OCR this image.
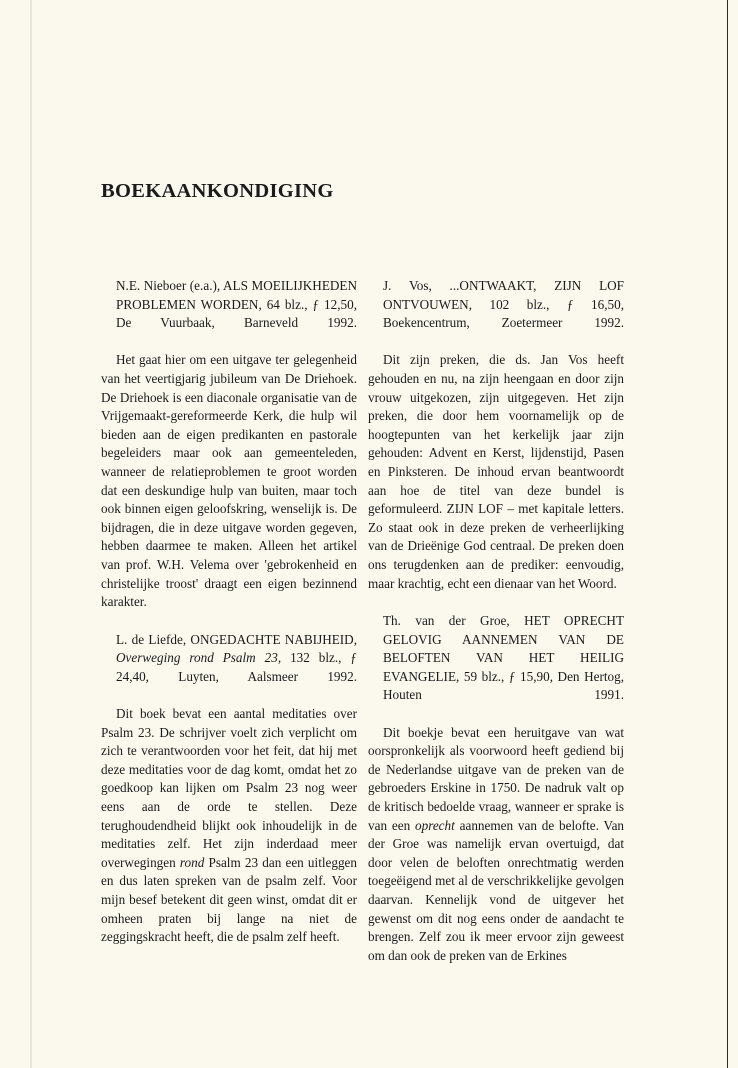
BOEKAANKONDIGING
N.E. Nieboer (e.a.), ALS MOEILIJKHEDEN PROBLEMEN WORDEN, 64 blz., ƒ 12,50, De Vuurbaak, Barneveld 1992.

Het gaat hier om een uitgave ter gelegenheid van het veertigjarig jubileum van De Driehoek. De Driehoek is een diaconale organisatie van de Vrijgemaakt-gereformeerde Kerk, die hulp wil bieden aan de eigen predikanten en pastorale begeleiders maar ook aan gemeenteleden, wanneer de relatieproblemen te groot worden dat een deskundige hulp van buiten, maar toch ook binnen eigen geloofskring, wenselijk is. De bijdragen, die in deze uitgave worden gegeven, hebben daarmee te maken. Alleen het artikel van prof. W.H. Velema over 'gebrokenheid en christelijke troost' draagt een eigen bezinnend karakter.

L. de Liefde, ONGEDACHTE NABIJHEID, Overweging rond Psalm 23, 132 blz., ƒ 24,40, Luyten, Aalsmeer 1992.

Dit boek bevat een aantal meditaties over Psalm 23. De schrijver voelt zich verplicht om zich te verantwoorden voor het feit, dat hij met deze meditaties voor de dag komt, omdat het zo goedkoop kan lijken om Psalm 23 nog weer eens aan de orde te stellen. Deze terughoudendheid blijkt ook inhoudelijk in de meditaties zelf. Het zijn inderdaad meer overwegingen rond Psalm 23 dan een uitleggen en dus laten spreken van de psalm zelf. Voor mijn besef betekent dit geen winst, omdat dit er omheen praten bij lange na niet de zeggingskracht heeft, die de psalm zelf heeft.

J. Vos, ...ONTWAAKT, ZIJN LOF ONTVOUWEN, 102 blz., ƒ 16,50, Boekencentrum, Zoetermeer 1992.

Dit zijn preken, die ds. Jan Vos heeft gehouden en nu, na zijn heengaan en door zijn vrouw uitgekozen, zijn uitgegeven. Het zijn preken, die door hem voornamelijk op de hoogtepunten van het kerkelijk jaar zijn gehouden: Advent en Kerst, lijdenstijd, Pasen en Pinksteren. De inhoud ervan beantwoordt aan hoe de titel van deze bundel is geformuleerd. ZIJN LOF – met kapitale letters. Zo staat ook in deze preken de verheerlijking van de Drieënige God centraal. De preken doen ons terugdenken aan de prediker: eenvoudig, maar krachtig, echt een dienaar van het Woord.

Th. van der Groe, HET OPRECHT GELOVIG AANNEMEN VAN DE BELOFTEN VAN HET HEILIG EVANGELIE, 59 blz., ƒ 15,90, Den Hertog, Houten 1991.

Dit boekje bevat een heruitgave van wat oorspronkelijk als voorwoord heeft gediend bij de Nederlandse uitgave van de preken van de gebroeders Erskine in 1750. De nadruk valt op de kritisch bedoelde vraag, wanneer er sprake is van een oprecht aannemen van de belofte. Van der Groe was namelijk ervan overtuigd, dat door velen de beloften onrechtmatig werden toegeëigend met al de verschrikkelijke gevolgen daarvan. Kennelijk vond de uitgever het gewenst om dit nog eens onder de aandacht te brengen. Zelf zou ik meer ervoor zijn geweest om dan ook de preken van de Erkines
